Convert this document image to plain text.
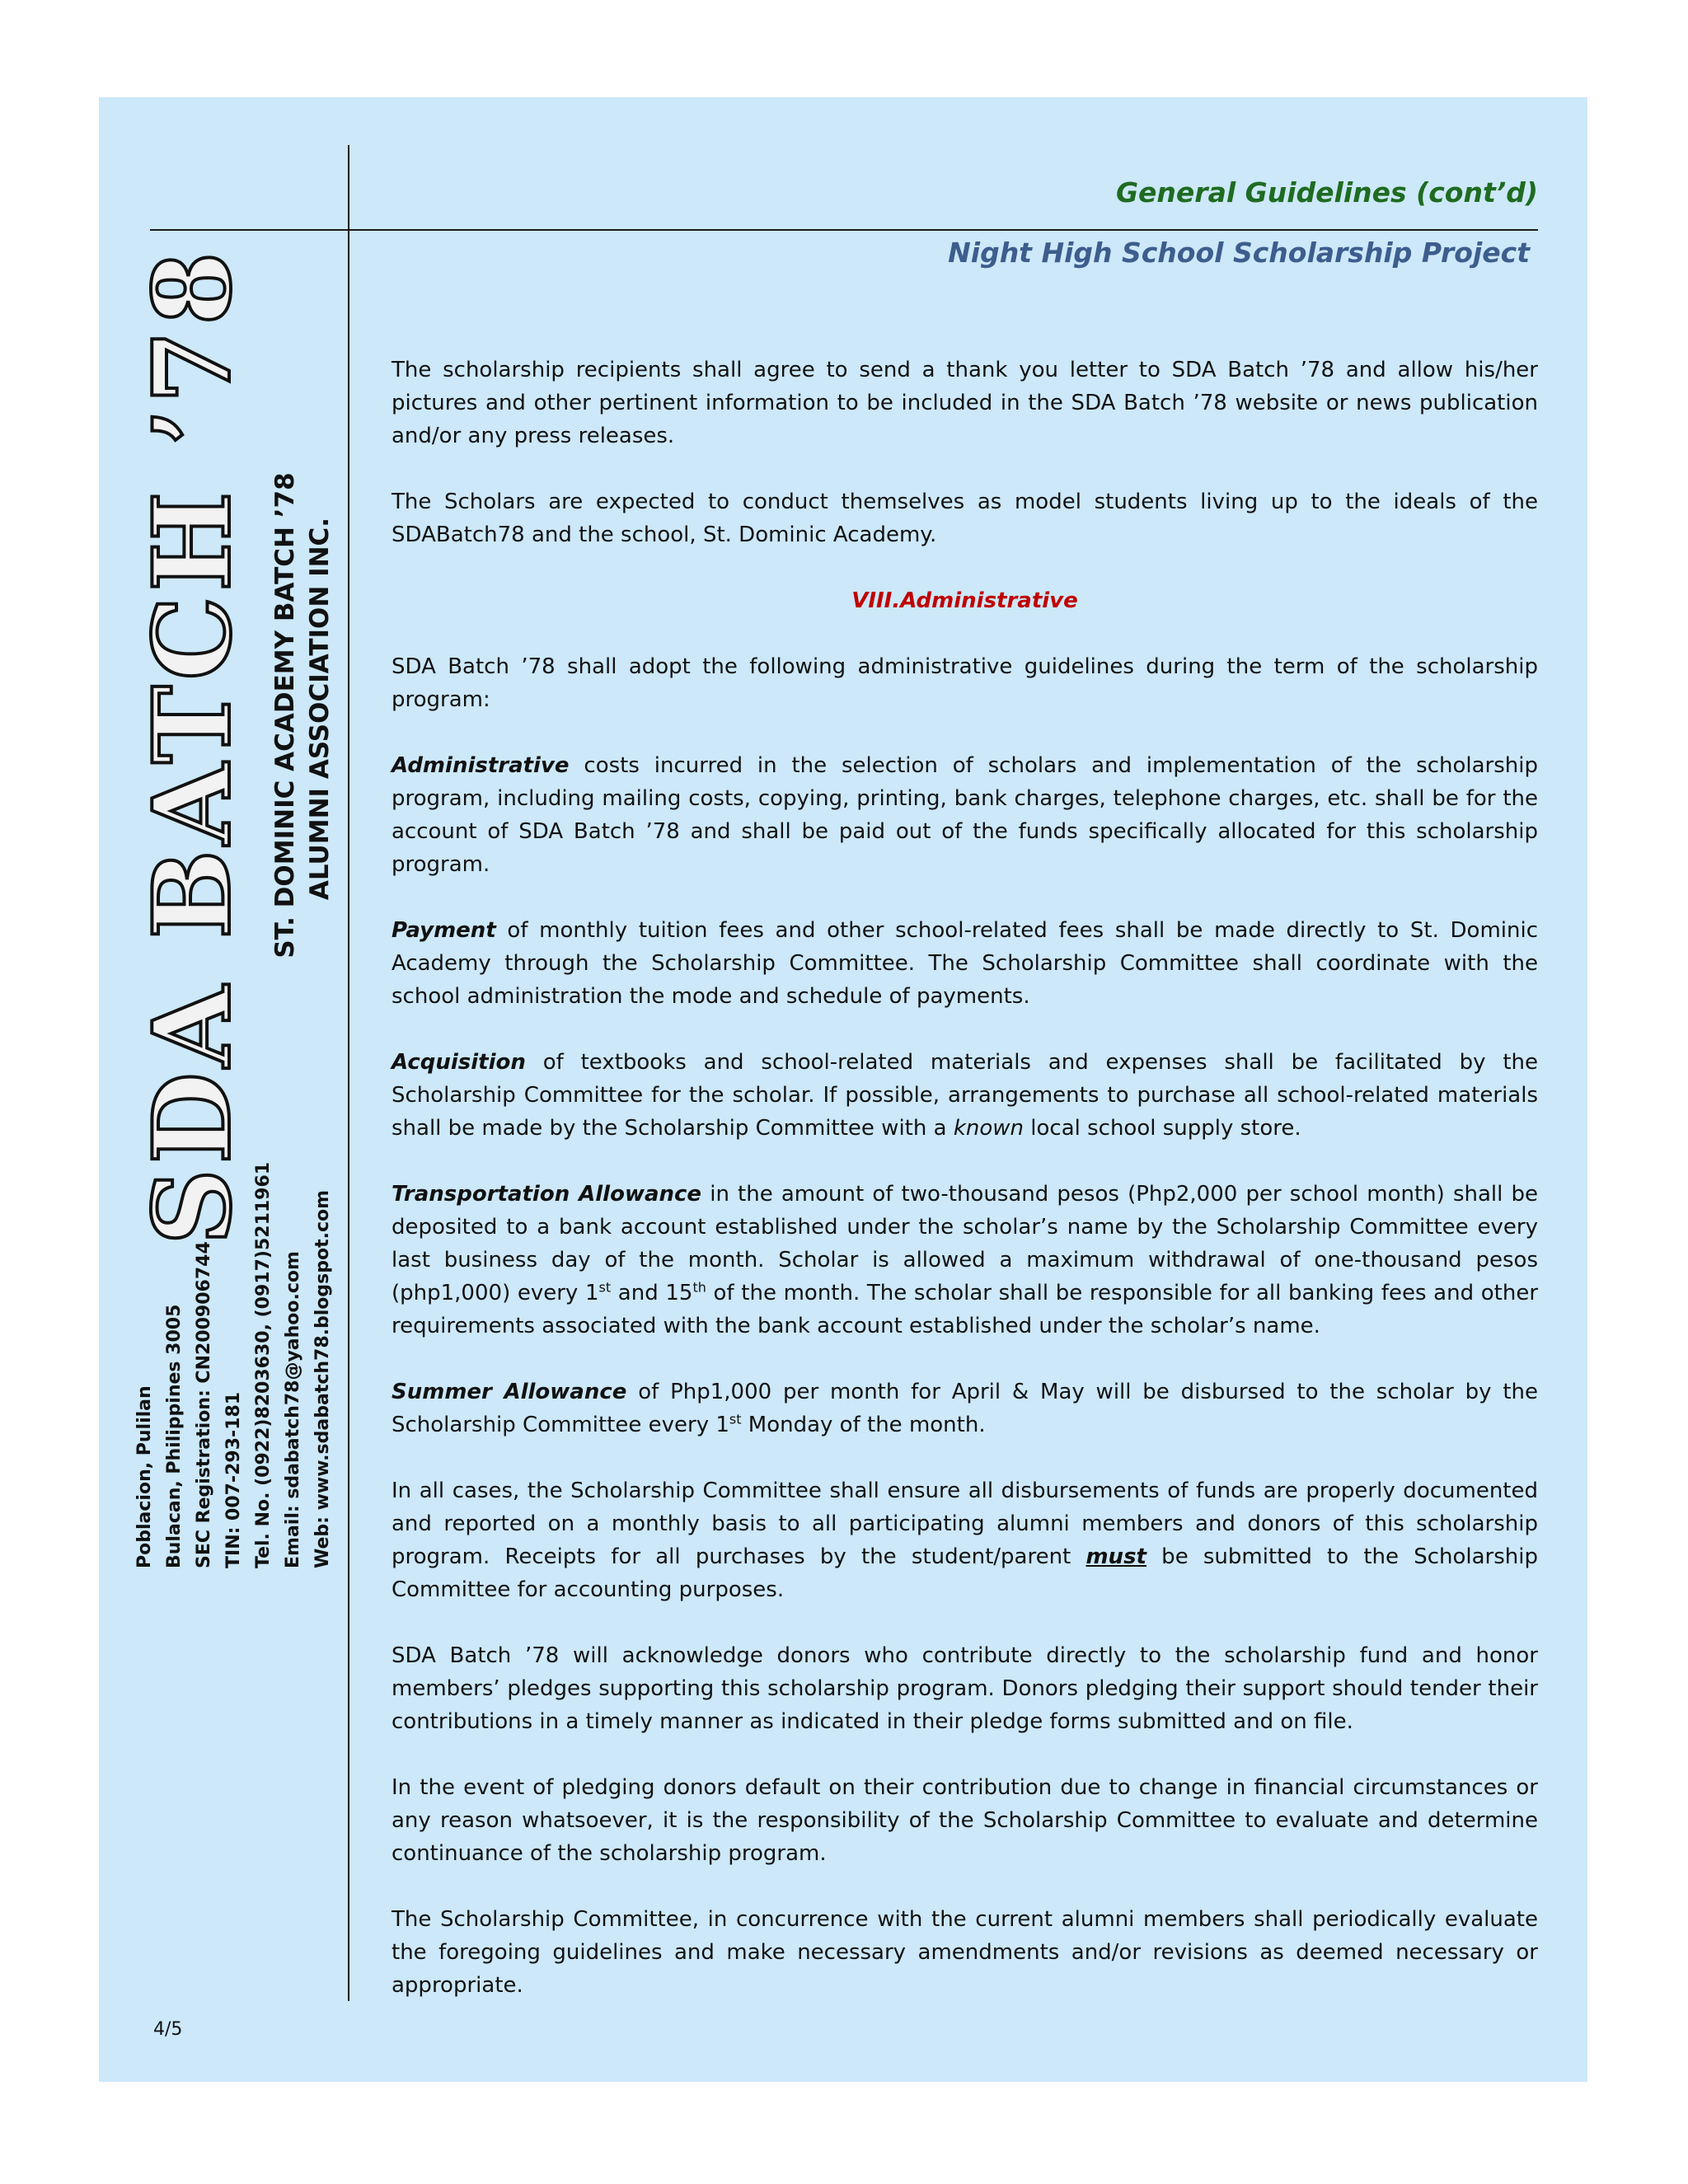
General Guidelines (cont’d)
Night High School Scholarship Project
SDA BATCH ’78 ST. DOMINIC ACADEMY BATCH ’78 ALUMNI ASSOCIATION INC.
Poblacion, Pulilan Bulacan, Philippines 3005 SEC Registration: CN200906744 TIN: 007-293-181 Tel. No. (0922)8203630, (0917)5211961 Email: sdabatch78@yahoo.com Web: www.sdabatch78.blogspot.com
4/5

The scholarship recipients shall agree to send a thank you letter to SDA Batch ’78 and allow his/her pictures and other pertinent information to be included in the SDA Batch ’78 website or news publication and/or any press releases.

The Scholars are expected to conduct themselves as model students living up to the ideals of the SDABatch78 and the school, St. Dominic Academy.

VIII.Administrative

SDA Batch ’78 shall adopt the following administrative guidelines during the term of the scholarship program:

Administrative costs incurred in the selection of scholars and implementation of the scholarship program, including mailing costs, copying, printing, bank charges, telephone charges, etc. shall be for the account of SDA Batch ’78 and shall be paid out of the funds specifically allocated for this scholarship program.

Payment of monthly tuition fees and other school-related fees shall be made directly to St. Dominic Academy through the Scholarship Committee. The Scholarship Committee shall coordinate with the school administration the mode and schedule of payments.

Acquisition of textbooks and school-related materials and expenses shall be facilitated by the Scholarship Committee for the scholar. If possible, arrangements to purchase all school-related materials shall be made by the Scholarship Committee with a known local school supply store.

Transportation Allowance in the amount of two-thousand pesos (Php2,000 per school month) shall be deposited to a bank account established under the scholar’s name by the Scholarship Committee every last business day of the month. Scholar is allowed a maximum withdrawal of one-thousand pesos (php1,000) every 1st and 15th of the month. The scholar shall be responsible for all banking fees and other requirements associated with the bank account established under the scholar’s name.

Summer Allowance of Php1,000 per month for April & May will be disbursed to the scholar by the Scholarship Committee every 1st Monday of the month.

In all cases, the Scholarship Committee shall ensure all disbursements of funds are properly documented and reported on a monthly basis to all participating alumni members and donors of this scholarship program. Receipts for all purchases by the student/parent must be submitted to the Scholarship Committee for accounting purposes.

SDA Batch ’78 will acknowledge donors who contribute directly to the scholarship fund and honor members’ pledges supporting this scholarship program. Donors pledging their support should tender their contributions in a timely manner as indicated in their pledge forms submitted and on file.

In the event of pledging donors default on their contribution due to change in financial circumstances or any reason whatsoever, it is the responsibility of the Scholarship Committee to evaluate and determine continuance of the scholarship program.

The Scholarship Committee, in concurrence with the current alumni members shall periodically evaluate the foregoing guidelines and make necessary amendments and/or revisions as deemed necessary or appropriate.
